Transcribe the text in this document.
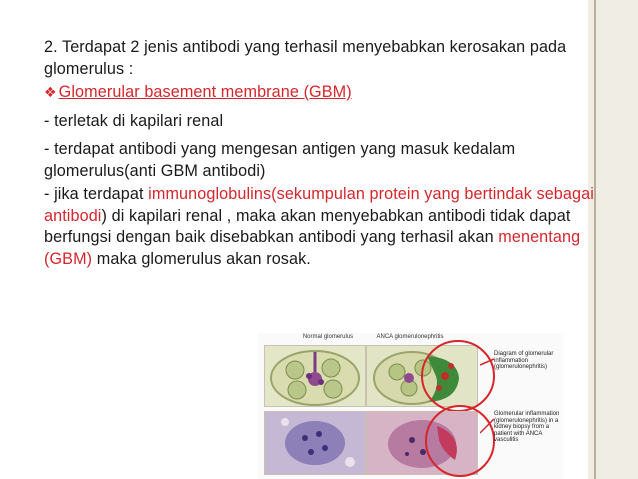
2. Terdapat 2 jenis antibodi yang terhasil menyebabkan kerosakan pada glomerulus :

❖ Glomerular basement membrane (GBM)

- terletak di kapilari renal

- terdapat antibodi yang mengesan antigen yang masuk kedalam glomerulus(anti GBM antibodi)

- jika terdapat immunoglobulins(sekumpulan protein yang bertindak sebagai antibodi) di kapilari renal , maka akan menyebabkan antibodi tidak dapat berfungsi dengan baik disebabkan antibodi yang terhasil akan menentang (GBM) maka glomerulus akan rosak.

Normal glomerulus	ANCA glomerulonephritis
Diagram of glomerular inflammation (glomerulonephritis)
Glomerular inflammation (glomerulonephritis) in a kidney biopsy from a patient with ANCA vasculitis
